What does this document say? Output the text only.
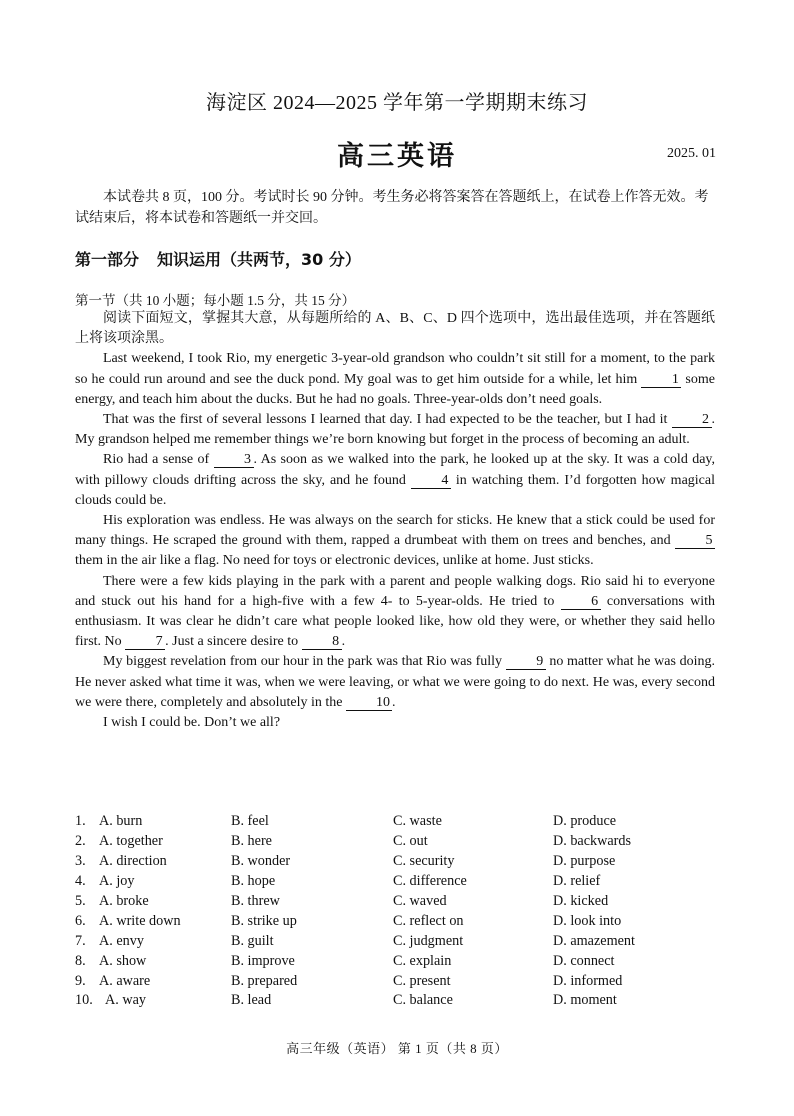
海淀区 2024—2025 学年第一学期期末练习
高三英语	2025. 01
本试卷共 8 页，100 分。考试时长 90 分钟。考生务必将答案答在答题纸上，在试卷上作答无效。考试结束后，将本试卷和答题纸一并交回。
第一部分 知识运用（共两节，30 分）
第一节（共 10 小题；每小题 1.5 分，共 15 分）

阅读下面短文，掌握其大意，从每题所给的 A、B、C、D 四个选项中，选出最佳选项，并在答题纸上将该项涂黑。

Last weekend, I took Rio, my energetic 3-year-old grandson who couldn’t sit still for a moment, to the park so he could run around and see the duck pond. My goal was to get him outside for a while, let him 1 some energy, and teach him about the ducks. But he had no goals. Three-year-olds don’t need goals.

That was the first of several lessons I learned that day. I had expected to be the teacher, but I had it 2 . My grandson helped me remember things we’re born knowing but forget in the process of becoming an adult.

Rio had a sense of 3 . As soon as we walked into the park, he looked up at the sky. It was a cold day, with pillowy clouds drifting across the sky, and he found 4 in watching them. I’d forgotten how magical clouds could be.

His exploration was endless. He was always on the search for sticks. He knew that a stick could be used for many things. He scraped the ground with them, rapped a drumbeat with them on trees and benches, and 5 them in the air like a flag. No need for toys or electronic devices, unlike at home. Just sticks.

There were a few kids playing in the park with a parent and people walking dogs. Rio said hi to everyone and stuck out his hand for a high-five with a few 4- to 5-year-olds. He tried to 6 conversations with enthusiasm. It was clear he didn’t care what people looked like, how old they were, or whether they said hello first. No 7 . Just a sincere desire to 8 .

My biggest revelation from our hour in the park was that Rio was fully 9 no matter what he was doing. He never asked what time it was, when we were leaving, or what we were going to do next. He was, every second we were there, completely and absolutely in the 10 .

I wish I could be. Don’t we all?

1. A. burn	B. feel	C. waste	D. produce
2. A. together	B. here	C. out	D. backwards
3. A. direction	B. wonder	C. security	D. purpose
4. A. joy	B. hope	C. difference	D. relief
5. A. broke	B. threw	C. waved	D. kicked
6. A. write down	B. strike up	C. reflect on	D. look into
7. A. envy	B. guilt	C. judgment	D. amazement
8. A. show	B. improve	C. explain	D. connect
9. A. aware	B. prepared	C. present	D. informed
10. A. way	B. lead	C. balance	D. moment
高三年级（英语） 第 1 页（共 8 页）
